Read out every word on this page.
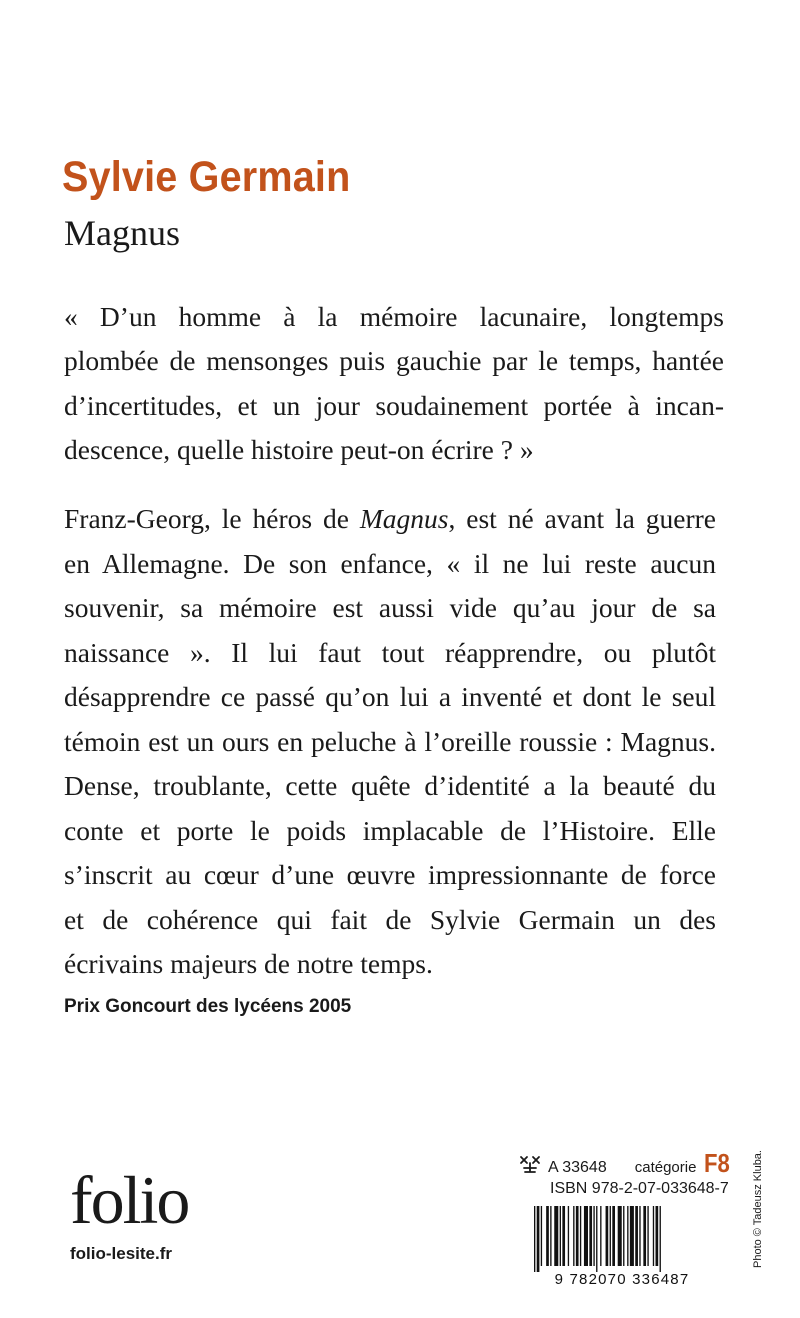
Sylvie Germain
Magnus

« D’un homme à la mémoire lacunaire, longtemps
plombée de mensonges puis gauchie par le temps, hantée
d’incertitudes, et un jour soudainement portée à incan-
descence, quelle histoire peut-on écrire ? »

Franz-Georg, le héros de Magnus, est né avant la guerre
en Allemagne. De son enfance, « il ne lui reste aucun
souvenir, sa mémoire est aussi vide qu’au jour de sa
naissance ». Il lui faut tout réapprendre, ou plutôt
désapprendre ce passé qu’on lui a inventé et dont le seul
témoin est un ours en peluche à l’oreille roussie : Magnus.
Dense, troublante, cette quête d’identité a la beauté du
conte et porte le poids implacable de l’Histoire. Elle
s’inscrit au cœur d’une œuvre impressionnante de force
et de cohérence qui fait de Sylvie Germain un des
écrivains majeurs de notre temps.

Prix Goncourt des lycéens 2005

folio
folio-lesite.fr
A 33648 catégorie F8
ISBN 978-2-07-033648-7
9 782070 336487
Photo © Tadeusz Kluba.
